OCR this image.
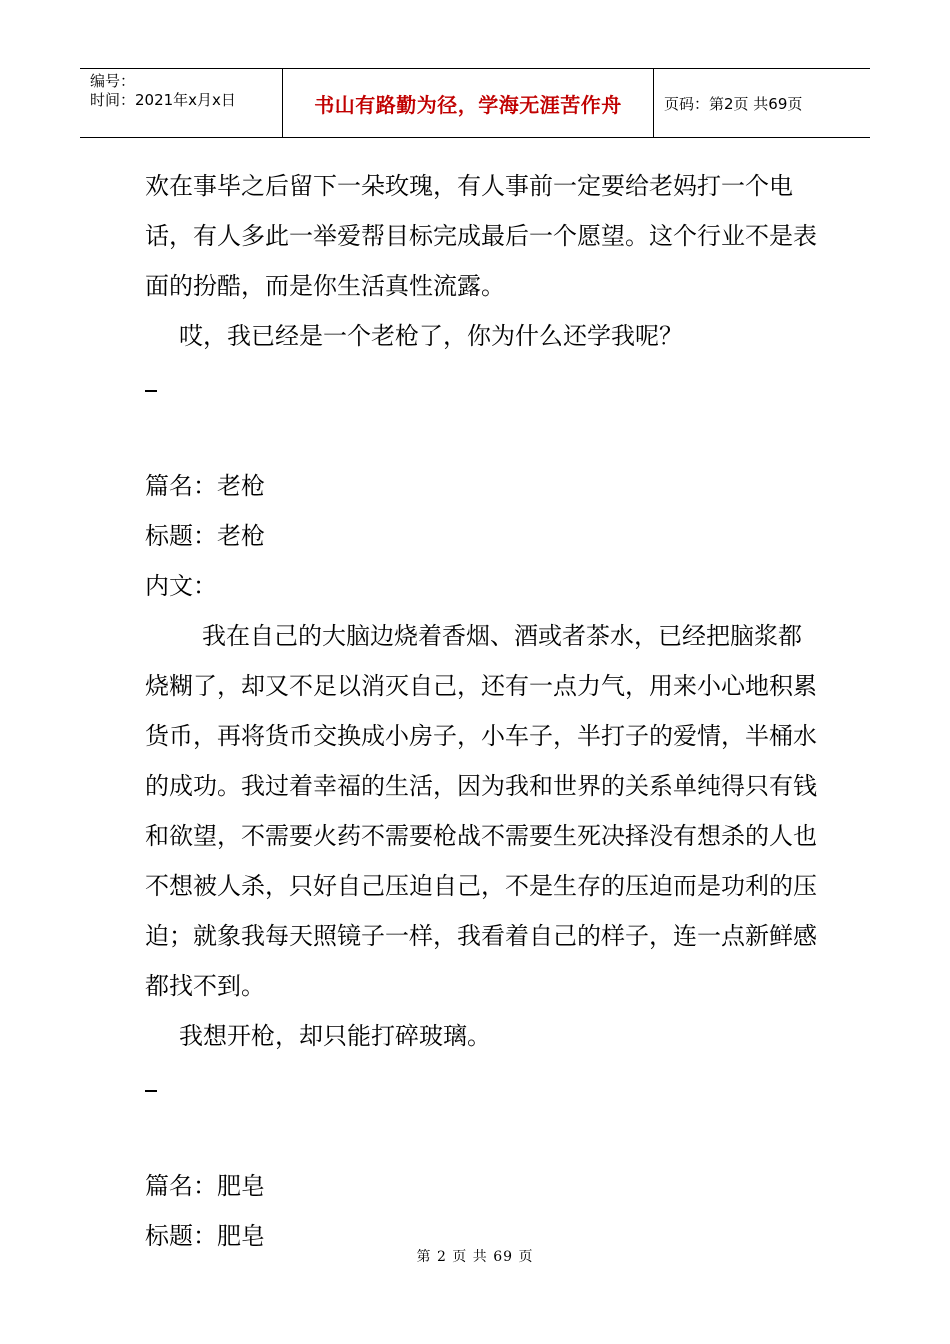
编号：
时间：2021年x月x日	书山有路勤为径，学海无涯苦作舟	页码：第2页 共69页

欢在事毕之后留下一朵玫瑰，有人事前一定要给老妈打一个电话，有人多此一举爱帮目标完成最后一个愿望。这个行业不是表面的扮酷，而是你生活真性流露。

哎，我已经是一个老枪了，你为什么还学我呢？

篇名：老枪

标题：老枪

内文：

我在自己的大脑边烧着香烟、酒或者茶水，已经把脑浆都烧糊了，却又不足以消灭自己，还有一点力气，用来小心地积累货币，再将货币交换成小房子，小车子，半打子的爱情，半桶水的成功。我过着幸福的生活，因为我和世界的关系单纯得只有钱和欲望，不需要火药不需要枪战不需要生死决择没有想杀的人也不想被人杀，只好自己压迫自己，不是生存的压迫而是功利的压迫；就象我每天照镜子一样，我看着自己的样子，连一点新鲜感都找不到。

我想开枪，却只能打碎玻璃。

篇名：肥皂

标题：肥皂

第 2 页 共 69 页
